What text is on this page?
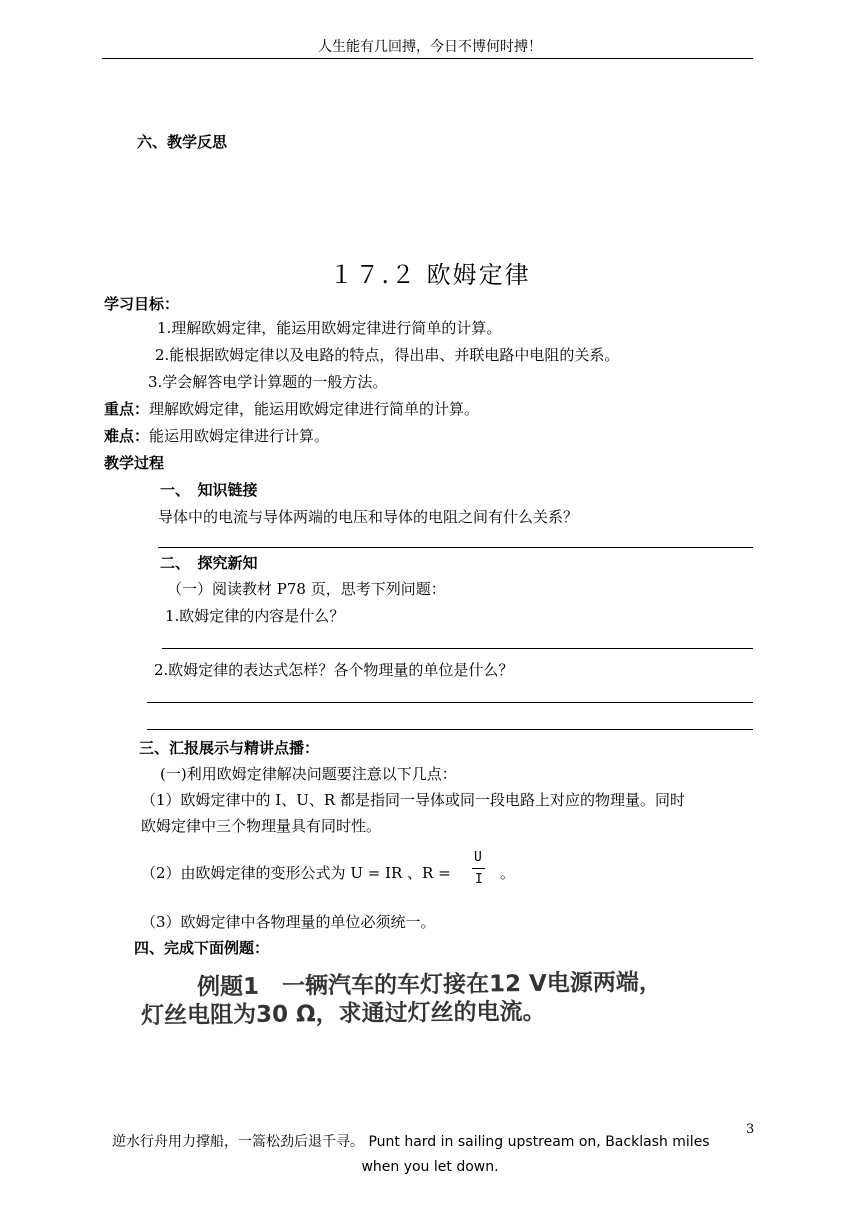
人生能有几回搏，今日不博何时搏！
六、教学反思
１７.２ 欧姆定律
学习目标：
1.理解欧姆定律，能运用欧姆定律进行简单的计算。
2.能根据欧姆定律以及电路的特点，得出串、并联电路中电阻的关系。
3.学会解答电学计算题的一般方法。
重点：理解欧姆定律，能运用欧姆定律进行简单的计算。
难点：能运用欧姆定律进行计算。
教学过程
一、　知识链接
导体中的电流与导体两端的电压和导体的电阻之间有什么关系？
二、　探究新知
（一）阅读教材 P78 页，思考下列问题：
1.欧姆定律的内容是什么？
2.欧姆定律的表达式怎样？各个物理量的单位是什么？
三、汇报展示与精讲点播：
(一)利用欧姆定律解决问题要注意以下几点：
（1）欧姆定律中的 I、U、R 都是指同一导体或同一段电路上对应的物理量。同时
欧姆定律中三个物理量具有同时性。
（2）由欧姆定律的变形公式为 U = IR 、R =
U
I 。
（3）欧姆定律中各物理量的单位必须统一。
四、完成下面例题：
例题1　一辆汽车的车灯接在12 V电源两端，
灯丝电阻为30 Ω，求通过灯丝的电流。
3
逆水行舟用力撑船，一篙松劲后退千寻。 Punt hard in sailing upstream on, Backlash miles
when you let down.
